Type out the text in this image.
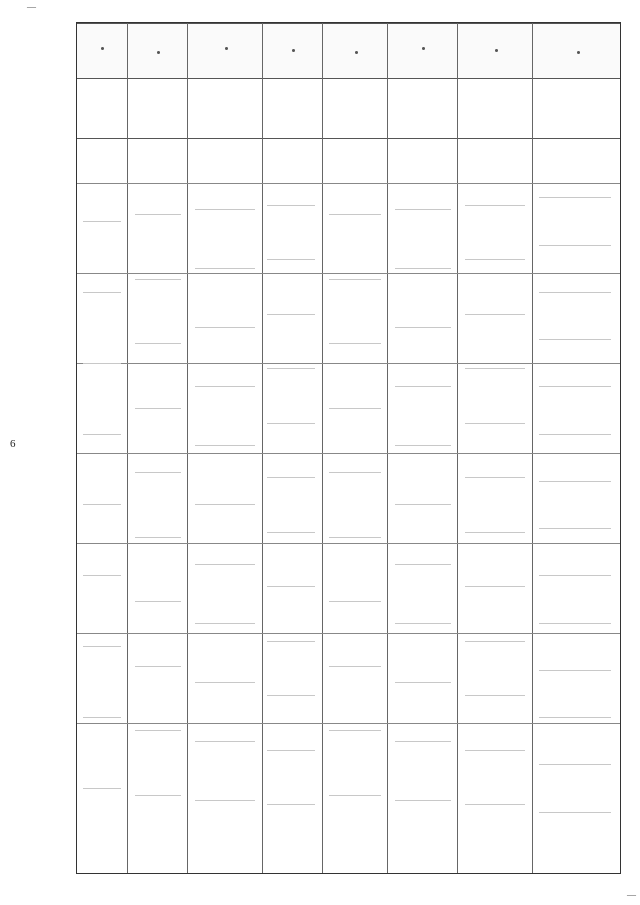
6
—
—
